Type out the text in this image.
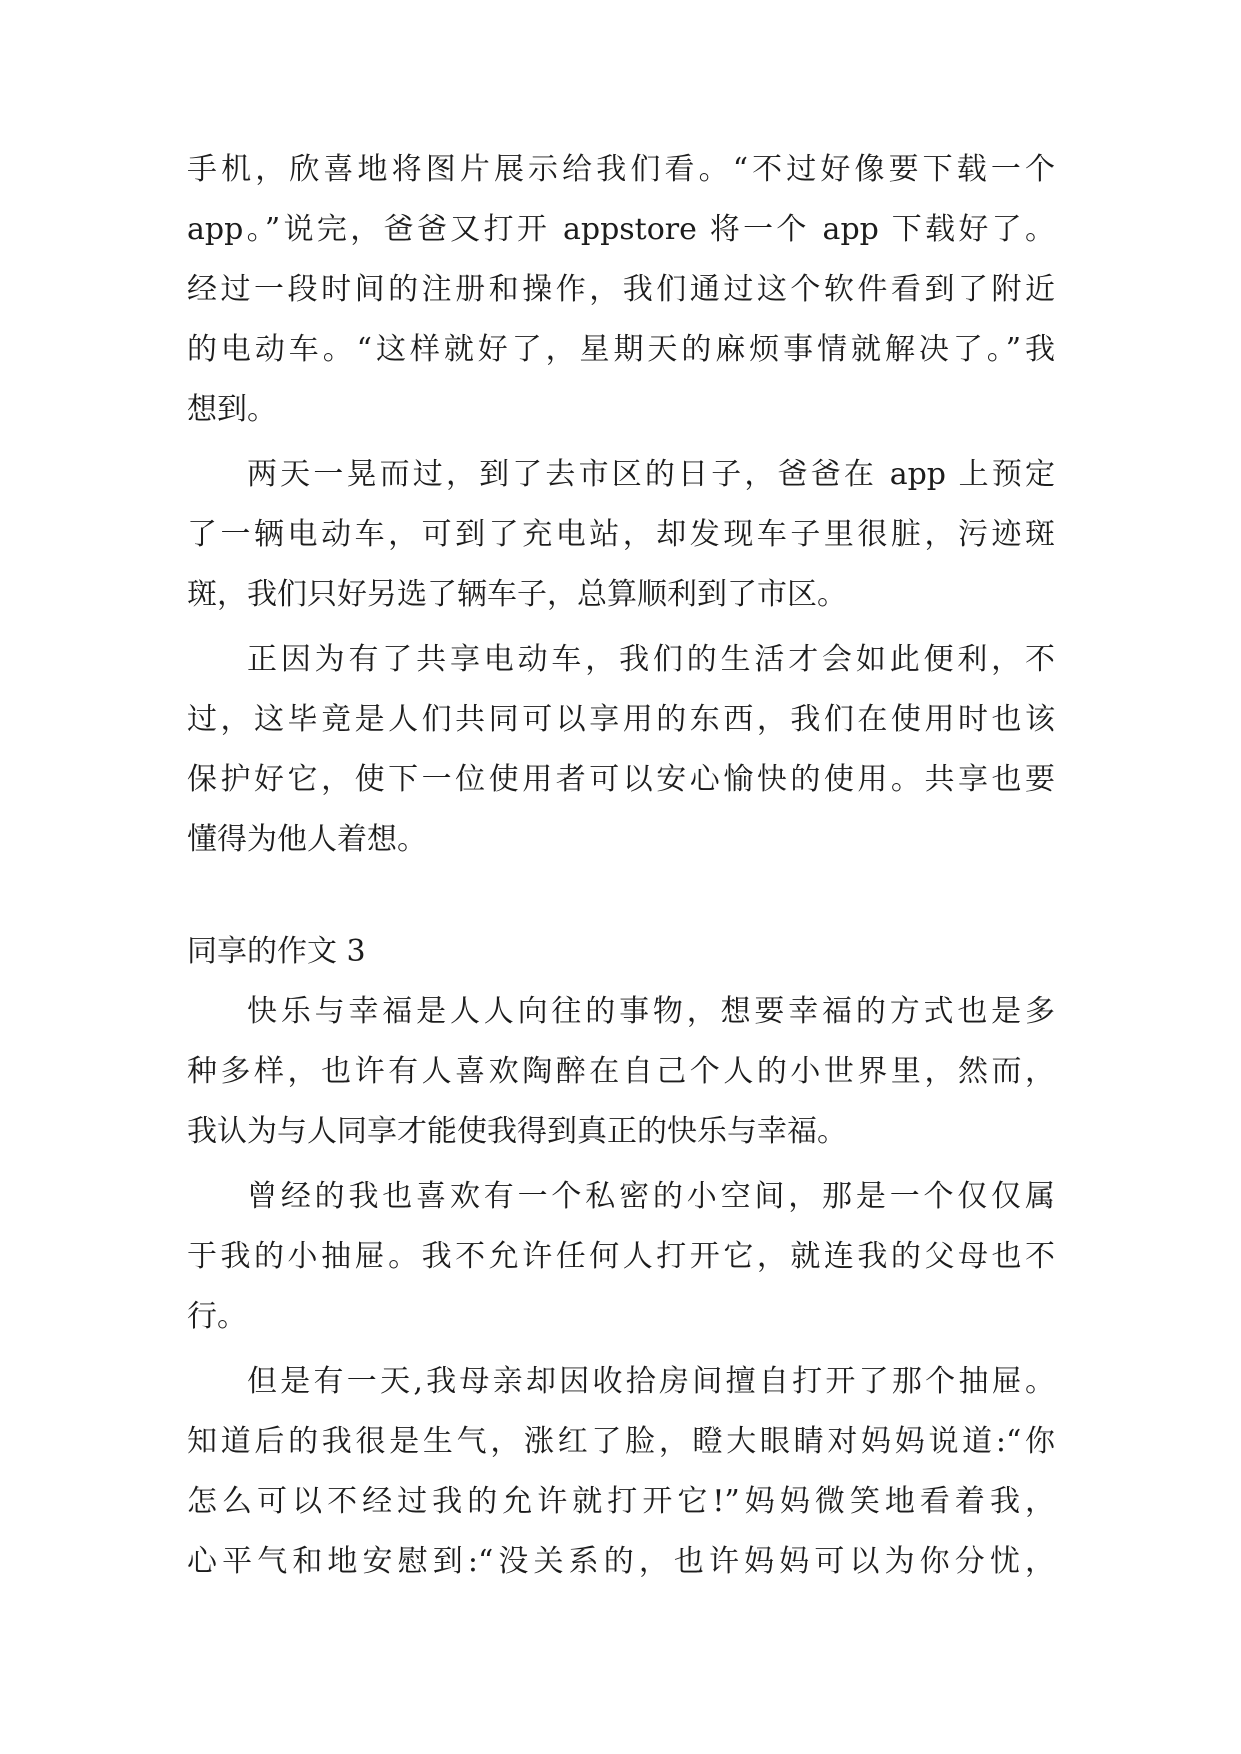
手机，欣喜地将图片展示给我们看。“不过好像要下载一个
app。”说完，爸爸又打开 appstore 将一个 app 下载好了。
经过一段时间的注册和操作，我们通过这个软件看到了附近
的电动车。“这样就好了，星期天的麻烦事情就解决了。”我
想到。
两天一晃而过，到了去市区的日子，爸爸在 app 上预定
了一辆电动车，可到了充电站，却发现车子里很脏，污迹斑
斑，我们只好另选了辆车子，总算顺利到了市区。
正因为有了共享电动车，我们的生活才会如此便利，不
过，这毕竟是人们共同可以享用的东西，我们在使用时也该
保护好它，使下一位使用者可以安心愉快的使用。共享也要
懂得为他人着想。
同享的作文 3
快乐与幸福是人人向往的事物，想要幸福的方式也是多
种多样，也许有人喜欢陶醉在自己个人的小世界里，然而，
我认为与人同享才能使我得到真正的快乐与幸福。
曾经的我也喜欢有一个私密的小空间，那是一个仅仅属
于我的小抽屉。我不允许任何人打开它，就连我的父母也不
行。
但是有一天,我母亲却因收拾房间擅自打开了那个抽屉。
知道后的我很是生气，涨红了脸，瞪大眼睛对妈妈说道:“你
怎么可以不经过我的允许就打开它!”妈妈微笑地看着我，
心平气和地安慰到:“没关系的，也许妈妈可以为你分忧，
